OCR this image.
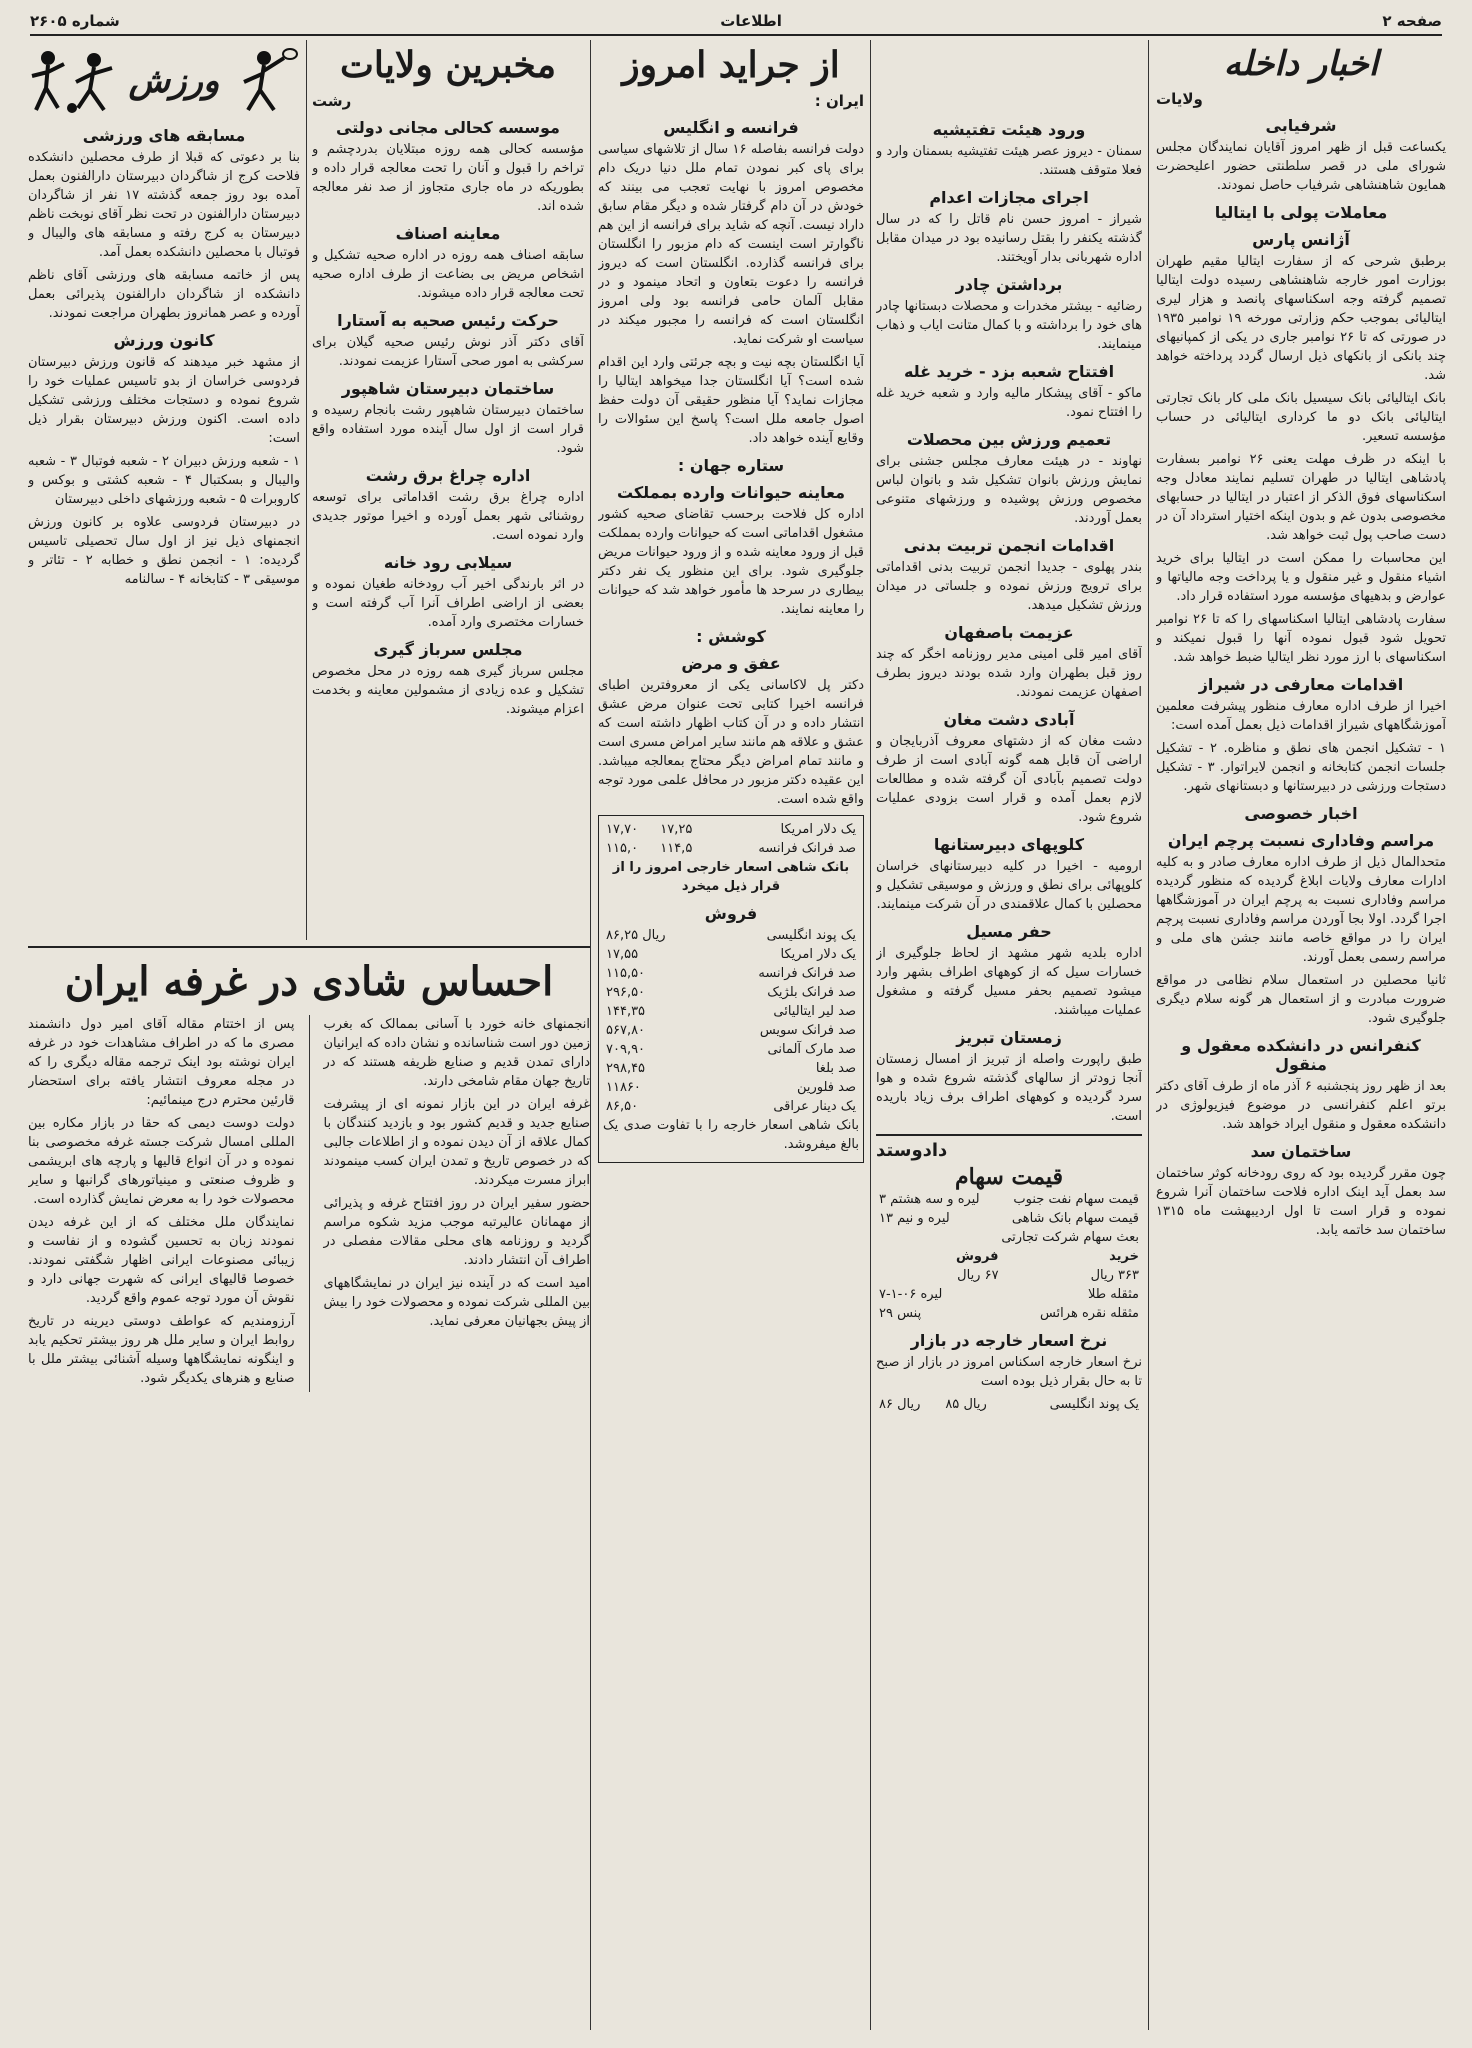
صفحه ۲
اطلاعات
شماره ۲۶۰۵
اخبار داخله
ولایات
شرفیابی
یکساعت قبل از ظهر امروز آقایان نمایندگان مجلس شورای ملی در قصر سلطنتی حضور اعلیحضرت همایون شاهنشاهی شرفیاب حاصل نمودند.
معاملات پولی با ایتالیا
آژانس پارس
برطبق شرحی که از سفارت ایتالیا مقیم طهران بوزارت امور خارجه شاهنشاهی رسیده دولت ایتالیا تصمیم گرفته وجه اسکناسهای پانصد و هزار لیری ایتالیائی بموجب حکم وزارتی مورخه ۱۹ نوامبر ۱۹۳۵ در صورتی که تا ۲۶ نوامبر جاری در یکی از کمپانیهای چند بانکی از بانکهای ذیل ارسال گردد پرداخته خواهد شد.
بانک ایتالیائی بانک سیسیل بانک ملی کار بانک تجارتی ایتالیائی بانک دو ما کرداری ایتالیائی در حساب مؤسسه تسعیر.
با اینکه در ظرف مهلت یعنی ۲۶ نوامبر بسفارت پادشاهی ایتالیا در طهران تسلیم نمایند معادل وجه اسکناسهای فوق الذکر از اعتبار در ایتالیا در حسابهای مخصوصی بدون غم و بدون اینکه اختیار استرداد آن در دست صاحب پول ثبت خواهد شد.
این محاسبات را ممکن است در ایتالیا برای خرید اشیاء منقول و غیر منقول و یا پرداخت وجه مالیاتها و عوارض و بدهیهای مؤسسه مورد استفاده قرار داد.
سفارت پادشاهی ایتالیا اسکناسهای را که تا ۲۶ نوامبر تحویل شود قبول نموده آنها را قبول نمیکند و اسکناسهای با ارز مورد نظر ایتالیا ضبط خواهد شد.
اقدامات معارفی در شیراز
اخیرا از طرف اداره معارف منظور پیشرفت معلمین آموزشگاههای شیراز اقدامات ذیل بعمل آمده است:
۱ - تشکیل انجمن های نطق و مناظره. ۲ - تشکیل جلسات انجمن کتابخانه و انجمن لایراتوار. ۳ - تشکیل دستجات ورزشی در دبیرستانها و دبستانهای شهر.
اخبار خصوصی
مراسم وفاداری نسبت پرچم ایران
متحدالمال ذیل از طرف اداره معارف صادر و به کلیه ادارات معارف ولایات ابلاغ گردیده که منظور گردیده مراسم وفاداری نسبت به پرچم ایران در آموزشگاهها اجرا گردد. اولا بجا آوردن مراسم وفاداری نسبت پرچم ایران را در مواقع خاصه مانند جشن های ملی و مراسم رسمی بعمل آورند.
ثانیا محصلین در استعمال سلام نظامی در مواقع ضرورت مبادرت و از استعمال هر گونه سلام دیگری جلوگیری شود.
کنفرانس در دانشکده معقول و منقول
بعد از ظهر روز پنجشنبه ۶ آذر ماه از طرف آقای دکتر برتو اعلم کنفرانسی در موضوع فیزیولوژی در دانشکده معقول و منقول ایراد خواهد شد.
ساختمان سد
چون مقرر گردیده بود که روی رودخانه کوثر ساختمان سد بعمل آید اینک اداره فلاحت ساختمان آنرا شروع نموده و قرار است تا اول اردیبهشت ماه ۱۳۱۵ ساختمان سد خاتمه یابد.
ورود هیئت تفتیشیه
سمنان - دیروز عصر هیئت تفتیشیه بسمنان وارد و فعلا متوقف هستند.
اجرای مجازات اعدام
شیراز - امروز حسن نام قاتل را که در سال گذشته یکنفر را بقتل رسانیده بود در میدان مقابل اداره شهربانی بدار آویختند.
برداشتن چادر
رضائیه - بیشتر مخدرات و محصلات دبستانها چادر های خود را برداشته و با کمال متانت ایاب و ذهاب مینمایند.
افتتاح شعبه بزد - خرید غله
ماکو - آقای پیشکار مالیه وارد و شعبه خرید غله را افتتاح نمود.
تعمیم ورزش بین محصلات
نهاوند - در هیئت معارف مجلس جشنی برای نمایش ورزش بانوان تشکیل شد و بانوان لباس مخصوص ورزش پوشیده و ورزشهای متنوعی بعمل آوردند.
اقدامات انجمن تربیت بدنی
بندر پهلوی - جدیدا انجمن تربیت بدنی اقداماتی برای ترویج ورزش نموده و جلساتی در میدان ورزش تشکیل میدهد.
عزیمت باصفهان
آقای امیر قلی امینی مدیر روزنامه اخگر که چند روز قبل بطهران وارد شده بودند دیروز بطرف اصفهان عزیمت نمودند.
آبادی دشت مغان
دشت مغان که از دشتهای معروف آذربایجان و اراضی آن قابل همه گونه آبادی است از طرف دولت تصمیم بآبادی آن گرفته شده و مطالعات لازم بعمل آمده و قرار است بزودی عملیات شروع شود.
کلوپهای دبیرستانها
ارومیه - اخیرا در کلیه دبیرستانهای خراسان کلوپهائی برای نطق و ورزش و موسیقی تشکیل و محصلین با کمال علاقمندی در آن شرکت مینمایند.
حفر مسیل
اداره بلدیه شهر مشهد از لحاظ جلوگیری از خسارات سیل که از کوههای اطراف بشهر وارد میشود تصمیم بحفر مسیل گرفته و مشغول عملیات میباشند.
زمستان تبریز
طبق راپورت واصله از تبریز از امسال زمستان آنجا زودتر از سالهای گذشته شروع شده و هوا سرد گردیده و کوههای اطراف برف زیاد باریده است.
دادوستد
قیمت سهام
قیمت سهام نفت جنوب	۳ لیره و سه هشتم
قیمت سهام بانک شاهی	۱۳ لیره و نیم
بعث سهام شرکت تجارتی	
خرید	فروش
۳۶۳ ریال	۶۷ ریال
مثقله طلا	۷-۱-۰۶ لیره
مثقله نقره هرائس	۲۹ پنس
نرخ اسعار خارجه در بازار
نرخ اسعار خارجه اسکناس امروز در بازار از صبح تا به حال بقرار ذیل بوده است
یک پوند انگلیسی	۸۵ ریال	۸۶ ریال
از جراید امروز
ایران :
فرانسه و انگلیس
دولت فرانسه بفاصله ۱۶ سال از تلاشهای سیاسی برای پای کبر نمودن تمام ملل دنیا دریک دام مخصوص امروز با نهایت تعجب می بینند که خودش در آن دام گرفتار شده و دیگر مقام سابق داراد نیست. آنچه که شاید برای فرانسه از این هم ناگوارتر است اینست که دام مزبور را انگلستان برای فرانسه گذارده. انگلستان است که دیروز فرانسه را دعوت بتعاون و اتحاد مینمود و در مقابل آلمان حامی فرانسه بود ولی امروز انگلستان است که فرانسه را مجبور میکند در سیاست او شرکت نماید.
آیا انگلستان بچه نیت و بچه جرئتی وارد این اقدام شده است؟ آیا انگلستان جدا میخواهد ایتالیا را مجازات نماید؟ آیا منظور حقیقی آن دولت حفظ اصول جامعه ملل است؟ پاسخ این سئوالات را وقایع آینده خواهد داد.
ستاره جهان :
معاینه حیوانات وارده بمملکت
اداره کل فلاحت برحسب تقاضای صحیه کشور مشغول اقداماتی است که حیوانات وارده بمملکت قبل از ورود معاینه شده و از ورود حیوانات مریض جلوگیری شود. برای این منظور یک نفر دکتر بیطاری در سرحد ها مأمور خواهد شد که حیوانات را معاینه نمایند.
کوشش :
عفق و مرض
دکتر پل لاکاسانی یکی از معروفترین اطبای فرانسه اخیرا کتابی تحت عنوان مرض عشق انتشار داده و در آن کتاب اظهار داشته است که عشق و علاقه هم مانند سایر امراض مسری است و مانند تمام امراض دیگر محتاج بمعالجه میباشد. این عقیده دکتر مزبور در محافل علمی مورد توجه واقع شده است.
یک دلار امریکا	۱۷,۲۵	۱۷,۷۰
صد فرانک فرانسه	۱۱۴,۵	۱۱۵,۰
بانک شاهی اسعار خارجی امروز را از قرار ذیل میخرد
فروش
یک پوند انگلیسی	۸۶,۲۵ ریال
یک دلار امریکا	۱۷,۵۵
صد فرانک فرانسه	۱۱۵,۵۰
صد فرانک بلژیک	۲۹۶,۵۰
صد لیر ایتالیائی	۱۴۴,۳۵
صد فرانک سویس	۵۶۷,۸۰
صد مارک آلمانی	۷۰۹,۹۰
صد بلغا	۲۹۸,۴۵
صد فلورین	۱۱۸۶۰
یک دینار عراقی	۸۶,۵۰
بانک شاهی اسعار خارجه را با تفاوت صدی یک بالغ میفروشد.
مخبرین ولایات
رشت
موسسه کحالی مجانی دولتی
مؤسسه کحالی همه روزه مبتلایان بدردچشم و تراخم را قبول و آنان را تحت معالجه قرار داده و بطوریکه در ماه جاری متجاوز از صد نفر معالجه شده اند.
معاینه اصناف
سابقه اصناف همه روزه در اداره صحیه تشکیل و اشخاص مریض بی بضاعت از طرف اداره صحیه تحت معالجه قرار داده میشوند.
حرکت رئیس صحیه به آستارا
آقای دکتر آذر نوش رئیس صحیه گیلان برای سرکشی به امور صحی آستارا عزیمت نمودند.
ساختمان دبیرستان شاهپور
ساختمان دبیرستان شاهپور رشت بانجام رسیده و قرار است از اول سال آینده مورد استفاده واقع شود.
اداره چراغ برق رشت
اداره چراغ برق رشت اقداماتی برای توسعه روشنائی شهر بعمل آورده و اخیرا موتور جدیدی وارد نموده است.
سیلابی رود خانه
در اثر بارندگی اخیر آب رودخانه طغیان نموده و بعضی از اراضی اطراف آنرا آب گرفته است و خسارات مختصری وارد آمده.
مجلس سرباز گیری
مجلس سرباز گیری همه روزه در محل مخصوص تشکیل و عده زیادی از مشمولین معاینه و بخدمت اعزام میشوند.
ورزش
مسابقه های ورزشی
بنا بر دعوتی که قبلا از طرف محصلین دانشکده فلاحت کرج از شاگردان دبیرستان دارالفنون بعمل آمده بود روز جمعه گذشته ۱۷ نفر از شاگردان دبیرستان دارالفنون در تحت نظر آقای نوبخت ناظم دبیرستان به کرج رفته و مسابقه های والیبال و فوتبال با محصلین دانشکده بعمل آمد.
پس از خاتمه مسابقه های ورزشی آقای ناظم دانشکده از شاگردان دارالفنون پذیرائی بعمل آورده و عصر همانروز بطهران مراجعت نمودند.
کانون ورزش
از مشهد خبر میدهند که قانون ورزش دبیرستان فردوسی خراسان از بدو تاسیس عملیات خود را شروع نموده و دستجات مختلف ورزشی تشکیل داده است. اکنون ورزش دبیرستان بقرار ذیل است:
۱ - شعبه ورزش دبیران ۲ - شعبه فوتبال ۳ - شعبه والیبال و بسکتبال ۴ - شعبه کشتی و بوکس و کاروبرات ۵ - شعبه ورزشهای داخلی دبیرستان
در دبیرستان فردوسی علاوه بر کانون ورزش انجمنهای ذیل نیز از اول سال تحصیلی تاسیس گردیده: ۱ - انجمن نطق و خطابه ۲ - تئاتر و موسیقی ۳ - کتابخانه ۴ - سالنامه
احساس شادی در غرفه ایران
انجمنهای خانه خورد با آسانی بممالک که بغرب زمین دور است شناسانده و نشان داده که ایرانیان دارای تمدن قدیم و صنایع ظریفه هستند که در تاریخ جهان مقام شامخی دارند.
غرفه ایران در این بازار نمونه ای از پیشرفت صنایع جدید و قدیم کشور بود و بازدید کنندگان با کمال علاقه از آن دیدن نموده و از اطلاعات جالبی که در خصوص تاریخ و تمدن ایران کسب مینمودند ابراز مسرت میکردند.
حضور سفیر ایران در روز افتتاح غرفه و پذیرائی از مهمانان عالیرتبه موجب مزید شکوه مراسم گردید و روزنامه های محلی مقالات مفصلی در اطراف آن انتشار دادند.
امید است که در آینده نیز ایران در نمایشگاههای بین المللی شرکت نموده و محصولات خود را بیش از پیش بجهانیان معرفی نماید.
پس از اختتام مقاله آقای امیر دول دانشمند مصری ما که در اطراف مشاهدات خود در غرفه ایران نوشته بود اینک ترجمه مقاله دیگری را که در مجله معروف انتشار یافته برای استحضار قارئین محترم درج مینمائیم:
دولت دوست دیمی که حقا در بازار مکاره بین المللی امسال شرکت جسته غرفه مخصوصی بنا نموده و در آن انواع قالیها و پارچه های ابریشمی و ظروف صنعتی و مینیاتورهای گرانبها و سایر محصولات خود را به معرض نمایش گذارده است.
نمایندگان ملل مختلف که از این غرفه دیدن نمودند زبان به تحسین گشوده و از نفاست و زیبائی مصنوعات ایرانی اظهار شگفتی نمودند. خصوصا قالیهای ایرانی که شهرت جهانی دارد و نقوش آن مورد توجه عموم واقع گردید.
آرزومندیم که عواطف دوستی دیرینه در تاریخ روابط ایران و سایر ملل هر روز بیشتر تحکیم یابد و اینگونه نمایشگاهها وسیله آشنائی بیشتر ملل با صنایع و هنرهای یکدیگر شود.
